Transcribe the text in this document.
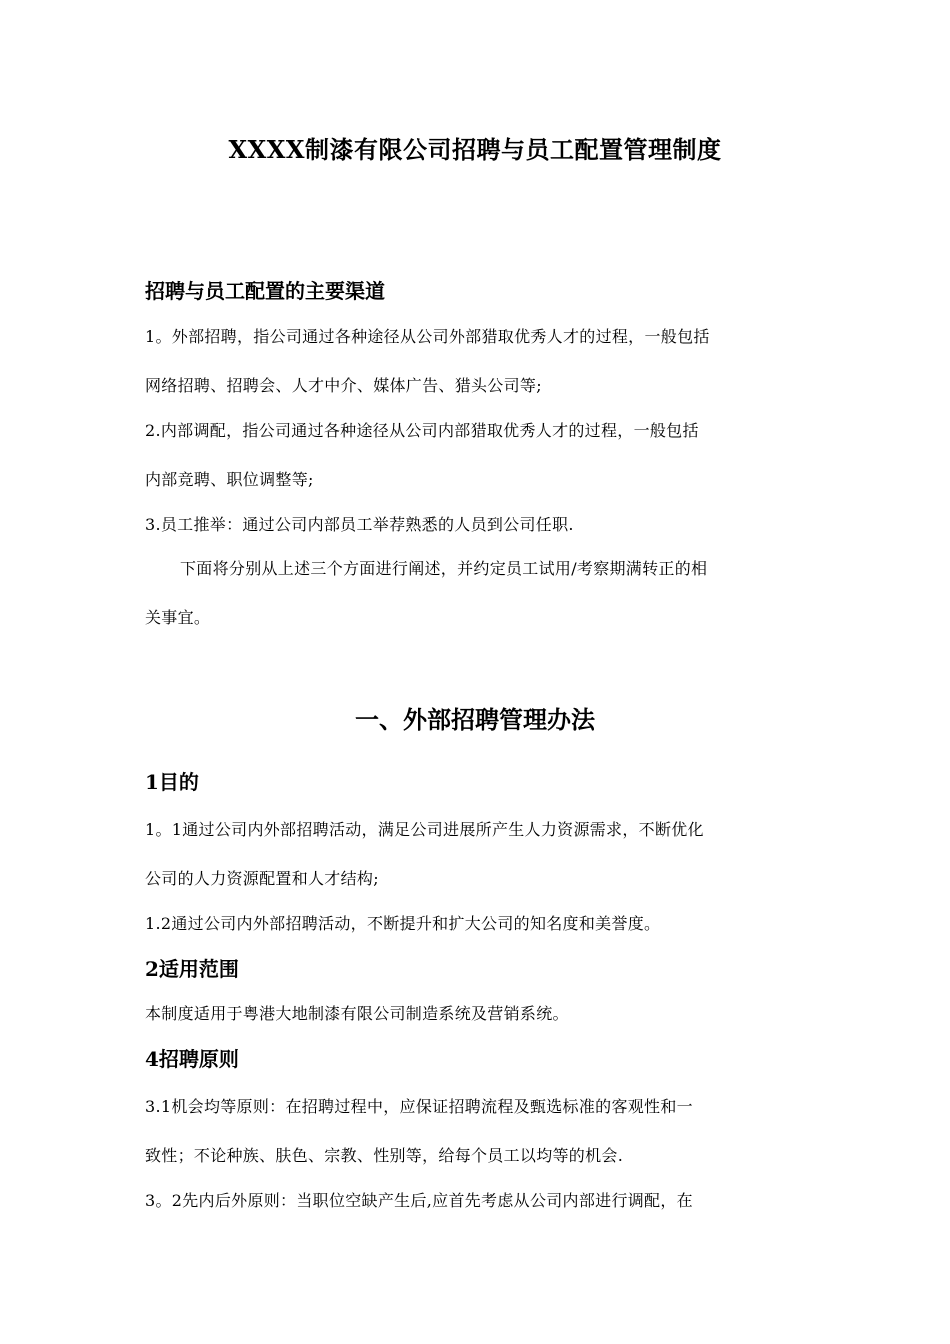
XXXX制漆有限公司招聘与员工配置管理制度
招聘与员工配置的主要渠道
1。外部招聘，指公司通过各种途径从公司外部猎取优秀人才的过程，一般包括
网络招聘、招聘会、人才中介、媒体广告、猎头公司等;
2.内部调配，指公司通过各种途径从公司内部猎取优秀人才的过程，一般包括
内部竞聘、职位调整等;
3.员工推举：通过公司内部员工举荐熟悉的人员到公司任职.
下面将分别从上述三个方面进行阐述，并约定员工试用/考察期满转正的相
关事宜。
一、外部招聘管理办法
1目的
1。1通过公司内外部招聘活动，满足公司进展所产生人力资源需求，不断优化
公司的人力资源配置和人才结构;
1.2通过公司内外部招聘活动，不断提升和扩大公司的知名度和美誉度。
2适用范围
本制度适用于粤港大地制漆有限公司制造系统及营销系统。
4招聘原则
3.1机会均等原则：在招聘过程中，应保证招聘流程及甄选标准的客观性和一
致性；不论种族、肤色、宗教、性别等，给每个员工以均等的机会.
3。2先内后外原则：当职位空缺产生后,应首先考虑从公司内部进行调配，在
